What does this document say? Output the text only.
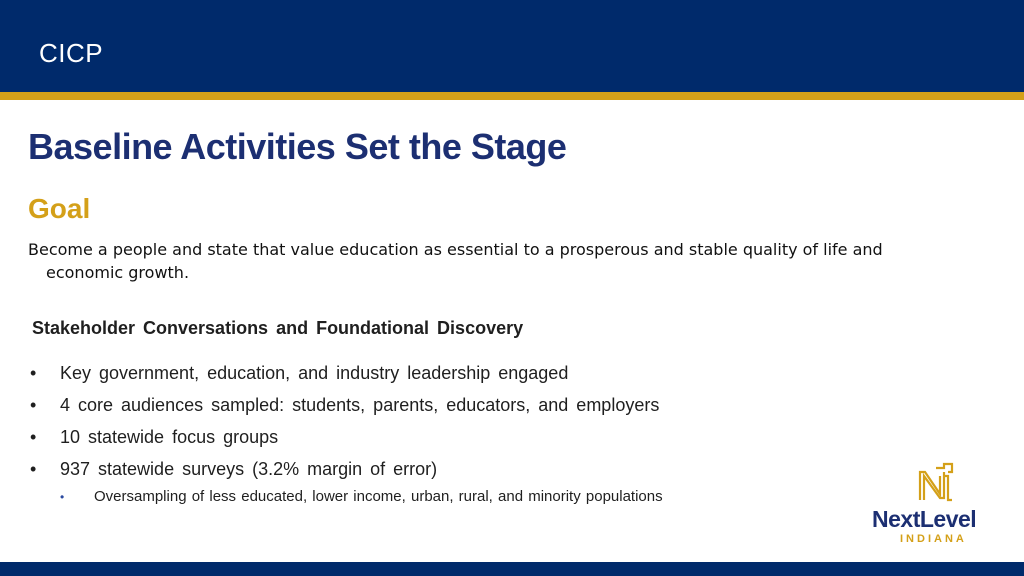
CICP
Baseline Activities Set the Stage
Goal
Become a people and state that value education as essential to a prosperous and stable quality of life and
economic growth.
Stakeholder Conversations and Foundational Discovery
• Key government, education, and industry leadership engaged
• 4 core audiences sampled: students, parents, educators, and employers
• 10 statewide focus groups
• 937 statewide surveys (3.2% margin of error)
• Oversampling of less educated, lower income, urban, rural, and minority populations
NextLevel
INDIANA
